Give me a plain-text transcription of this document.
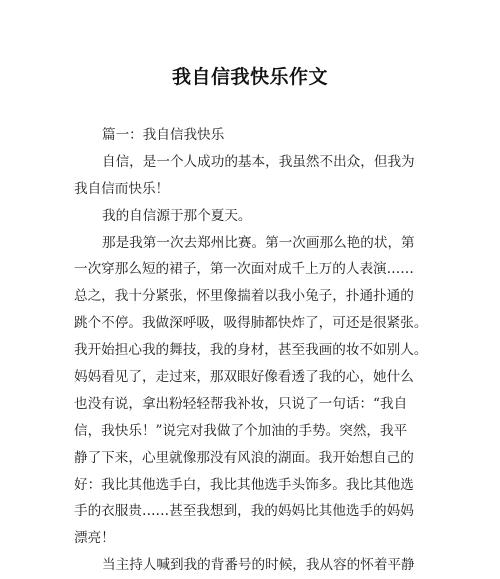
我自信我快乐作文
篇一：我自信我快乐
自信，是一个人成功的基本，我虽然不出众，但我为
我自信而快乐！
我的自信源于那个夏天。
那是我第一次去郑州比赛。第一次画那么艳的状，第
一次穿那么短的裙子，第一次面对成千上万的人表演……
总之，我十分紧张，怀里像揣着以我小兔子，扑通扑通的
跳个不停。我做深呼吸，吸得肺都快炸了，可还是很紧张。
我开始担心我的舞技，我的身材，甚至我画的妆不如别人。
妈妈看见了，走过来，那双眼好像看透了我的心，她什么
也没有说，拿出粉轻轻帮我补妆，只说了一句话：“我自
信，我快乐！”说完对我做了个加油的手势。突然，我平
静了下来，心里就像那没有风浪的湖面。我开始想自己的
好：我比其他选手白，我比其他选手头饰多。我比其他选
手的衣服贵……甚至我想到，我的妈妈比其他选手的妈妈
漂亮！
当主持人喊到我的背番号的时候，我从容的怀着平静
